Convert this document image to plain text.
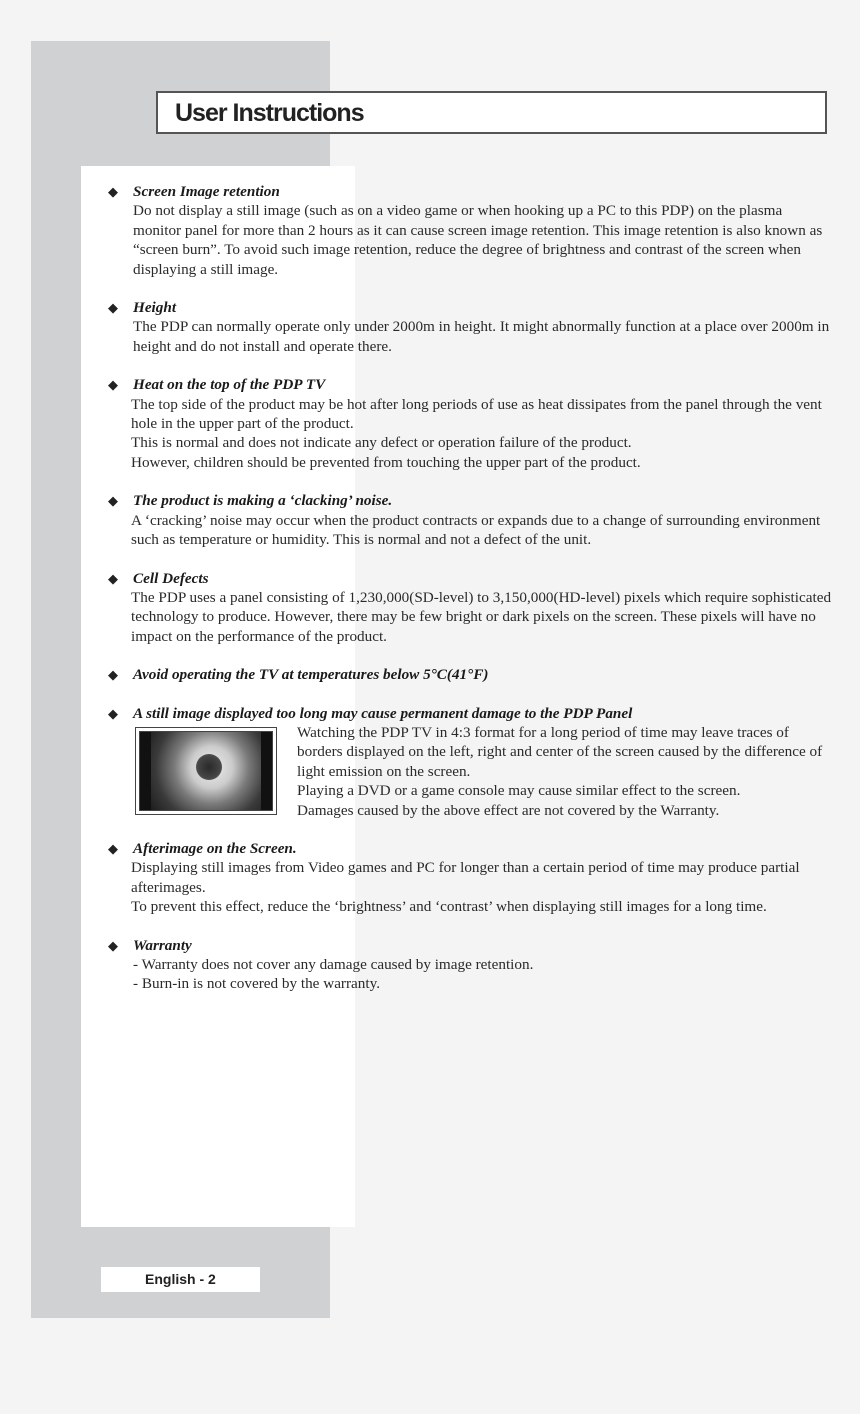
User Instructions
◆ Screen Image retention
Do not display a still image (such as on a video game or when hooking up a PC to this PDP) on the plasma monitor panel for more than 2 hours as it can cause screen image retention. This image retention is also known as “screen burn”. To avoid such image retention, reduce the degree of brightness and contrast of the screen when displaying a still image.
◆ Height
The PDP can normally operate only under 2000m in height. It might abnormally function at a place over 2000m in height and do not install and operate there.
◆ Heat on the top of the PDP TV
The top side of the product may be hot after long periods of use as heat dissipates from the panel through the vent hole in the upper part of the product.
This is normal and does not indicate any defect or operation failure of the product.
However, children should be prevented from touching the upper part of the product.
◆ The product is making a ‘clacking’ noise.
A ‘cracking’ noise may occur when the product contracts or expands due to a change of surrounding environment such as temperature or humidity. This is normal and not a defect of the unit.
◆ Cell Defects
The PDP uses a panel consisting of 1,230,000(SD-level) to 3,150,000(HD-level) pixels which require sophisticated technology to produce. However, there may be few bright or dark pixels on the screen. These pixels will have no impact on the performance of the product.
◆ Avoid operating the TV at temperatures below 5°C(41°F)
◆ A still image displayed too long may cause permanent damage to the PDP Panel
Watching the PDP TV in 4:3 format for a long period of time may leave traces of borders displayed on the left, right and center of the screen caused by the difference of light emission on the screen.
Playing a DVD or a game console may cause similar effect to the screen.
Damages caused by the above effect are not covered by the Warranty.
◆ Afterimage on the Screen.
Displaying still images from Video games and PC for longer than a certain period of time may produce partial afterimages.
To prevent this effect, reduce the ‘brightness’ and ‘contrast’ when displaying still images for a long time.
◆ Warranty
- Warranty does not cover any damage caused by image retention.
- Burn-in is not covered by the warranty.
English - 2
